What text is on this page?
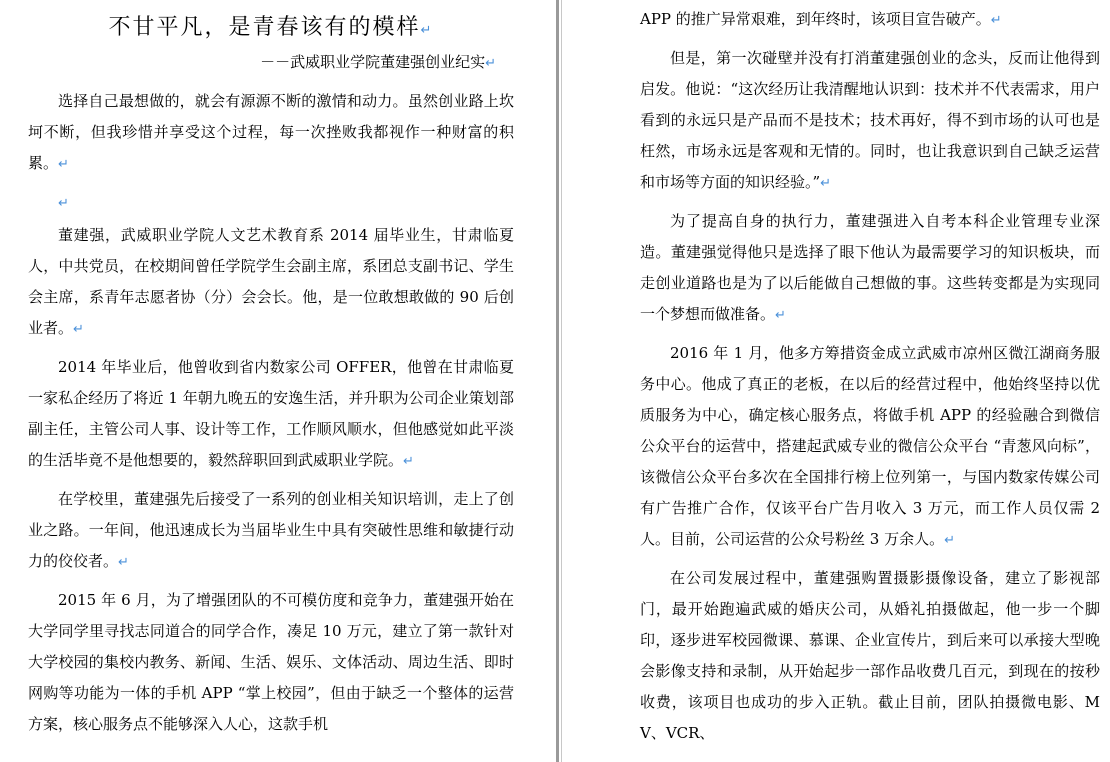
不甘平凡，是青春该有的模样↵
－－武威职业学院董建强创业纪实↵

选择自己最想做的，就会有源源不断的激情和动力。虽然创业路上坎坷不断，但我珍惜并享受这个过程，每一次挫败我都视作一种财富的积累。↵

↵

董建强，武威职业学院人文艺术教育系 2014 届毕业生，甘肃临夏人，中共党员，在校期间曾任学院学生会副主席，系团总支副书记、学生会主席，系青年志愿者协（分）会会长。他，是一位敢想敢做的 90 后创业者。↵

2014 年毕业后，他曾收到省内数家公司 OFFER，他曾在甘肃临夏一家私企经历了将近 1 年朝九晚五的安逸生活，并升职为公司企业策划部副主任，主管公司人事、设计等工作，工作顺风顺水，但他感觉如此平淡的生活毕竟不是他想要的，毅然辞职回到武威职业学院。↵

在学校里，董建强先后接受了一系列的创业相关知识培训，走上了创业之路。一年间，他迅速成长为当届毕业生中具有突破性思维和敏捷行动力的佼佼者。↵

2015 年 6 月，为了增强团队的不可模仿度和竞争力，董建强开始在大学同学里寻找志同道合的同学合作，凑足 10 万元，建立了第一款针对大学校园的集校内教务、新闻、生活、娱乐、文体活动、周边生活、即时网购等功能为一体的手机 APP “掌上校园”，但由于缺乏一个整体的运营方案，核心服务点不能够深入人心，这款手机

APP 的推广异常艰难，到年终时，该项目宣告破产。↵

但是，第一次碰壁并没有打消董建强创业的念头，反而让他得到启发。他说：“这次经历让我清醒地认识到：技术并不代表需求，用户看到的永远只是产品而不是技术；技术再好，得不到市场的认可也是枉然，市场永远是客观和无情的。同时，也让我意识到自己缺乏运营和市场等方面的知识经验。”↵

为了提高自身的执行力，董建强进入自考本科企业管理专业深造。董建强觉得他只是选择了眼下他认为最需要学习的知识板块，而走创业道路也是为了以后能做自己想做的事。这些转变都是为实现同一个梦想而做准备。↵

2016 年 1 月，他多方筹措资金成立武威市凉州区微江湖商务服务中心。他成了真正的老板，在以后的经营过程中，他始终坚持以优质服务为中心，确定核心服务点，将做手机 APP 的经验融合到微信公众平台的运营中，搭建起武威专业的微信公众平台 “青葱风向标”，该微信公众平台多次在全国排行榜上位列第一，与国内数家传媒公司有广告推广合作，仅该平台广告月收入 3 万元，而工作人员仅需 2 人。目前，公司运营的公众号粉丝 3 万余人。↵

在公司发展过程中，董建强购置摄影摄像设备，建立了影视部门，最开始跑遍武威的婚庆公司，从婚礼拍摄做起，他一步一个脚印，逐步进军校园微课、慕课、企业宣传片，到后来可以承接大型晚会影像支持和录制，从开始起步一部作品收费几百元，到现在的按秒收费，该项目也成功的步入正轨。截止目前，团队拍摄微电影、MV、VCR、
